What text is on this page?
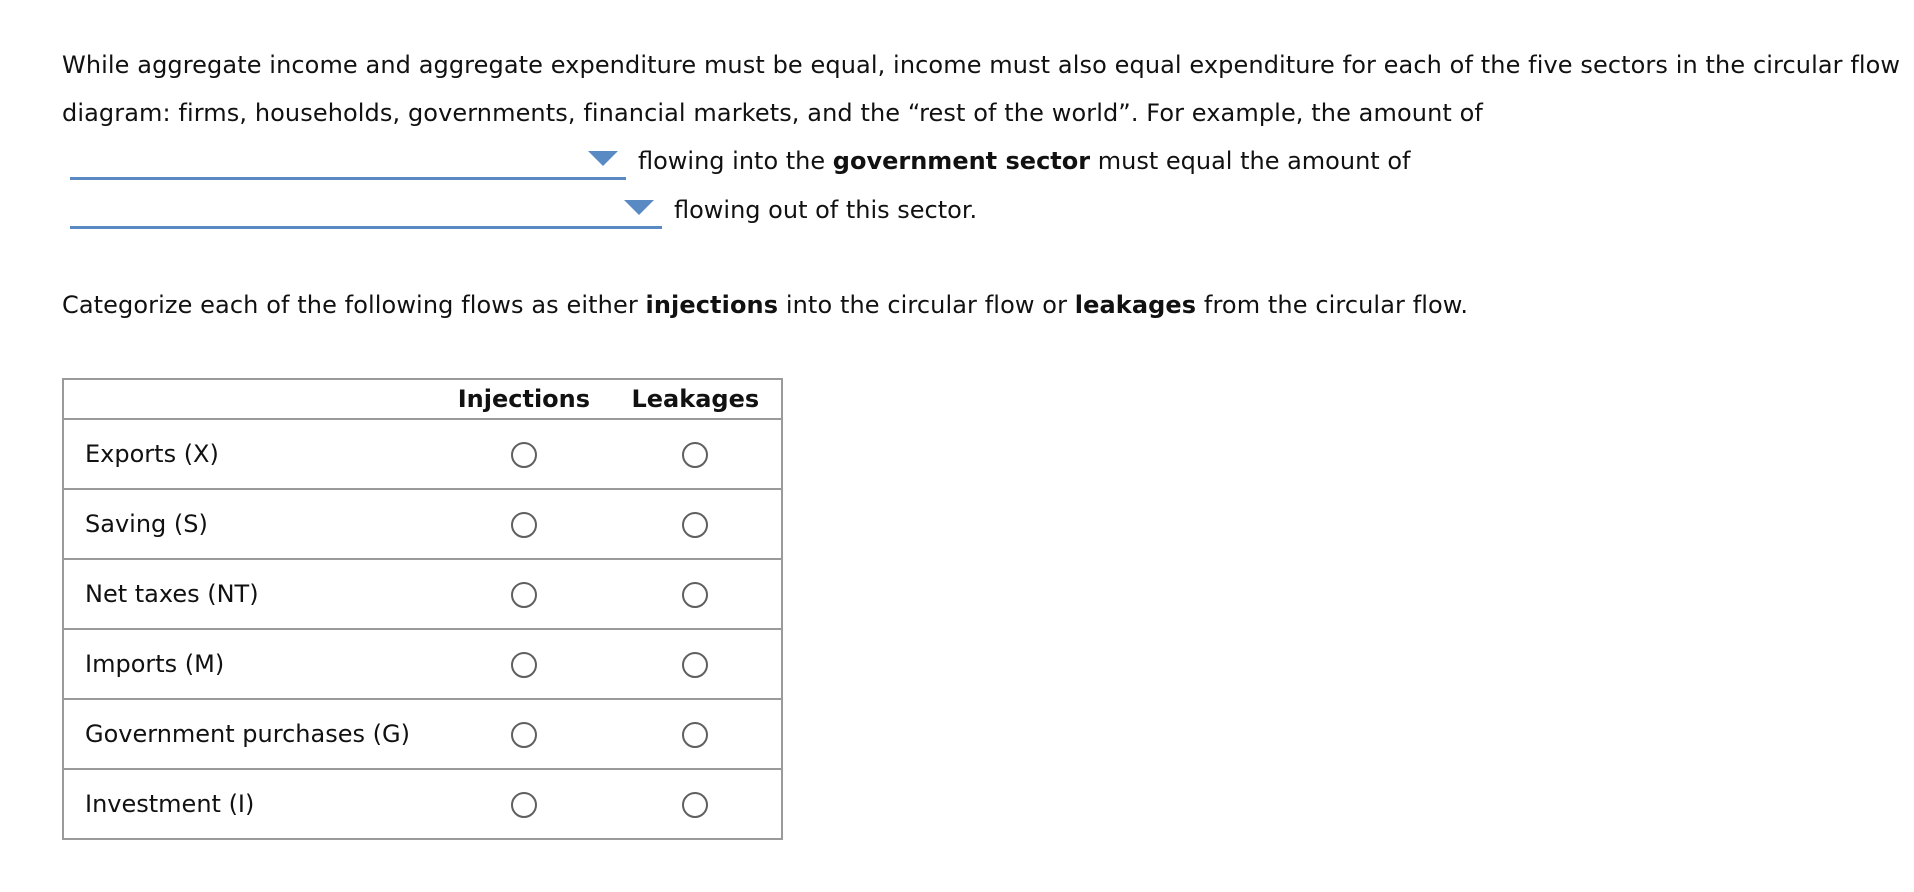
While aggregate income and aggregate expenditure must be equal, income must also equal expenditure for each of the five sectors in the circular flow
diagram: firms, households, governments, financial markets, and the “rest of the world”. For example, the amount of
flowing into the government sector must equal the amount of
flowing out of this sector.
Categorize each of the following flows as either injections into the circular flow or leakages from the circular flow.
	Injections	Leakages
Exports (X)		
Saving (S)		
Net taxes (NT)		
Imports (M)		
Government purchases (G)		
Investment (I)		
